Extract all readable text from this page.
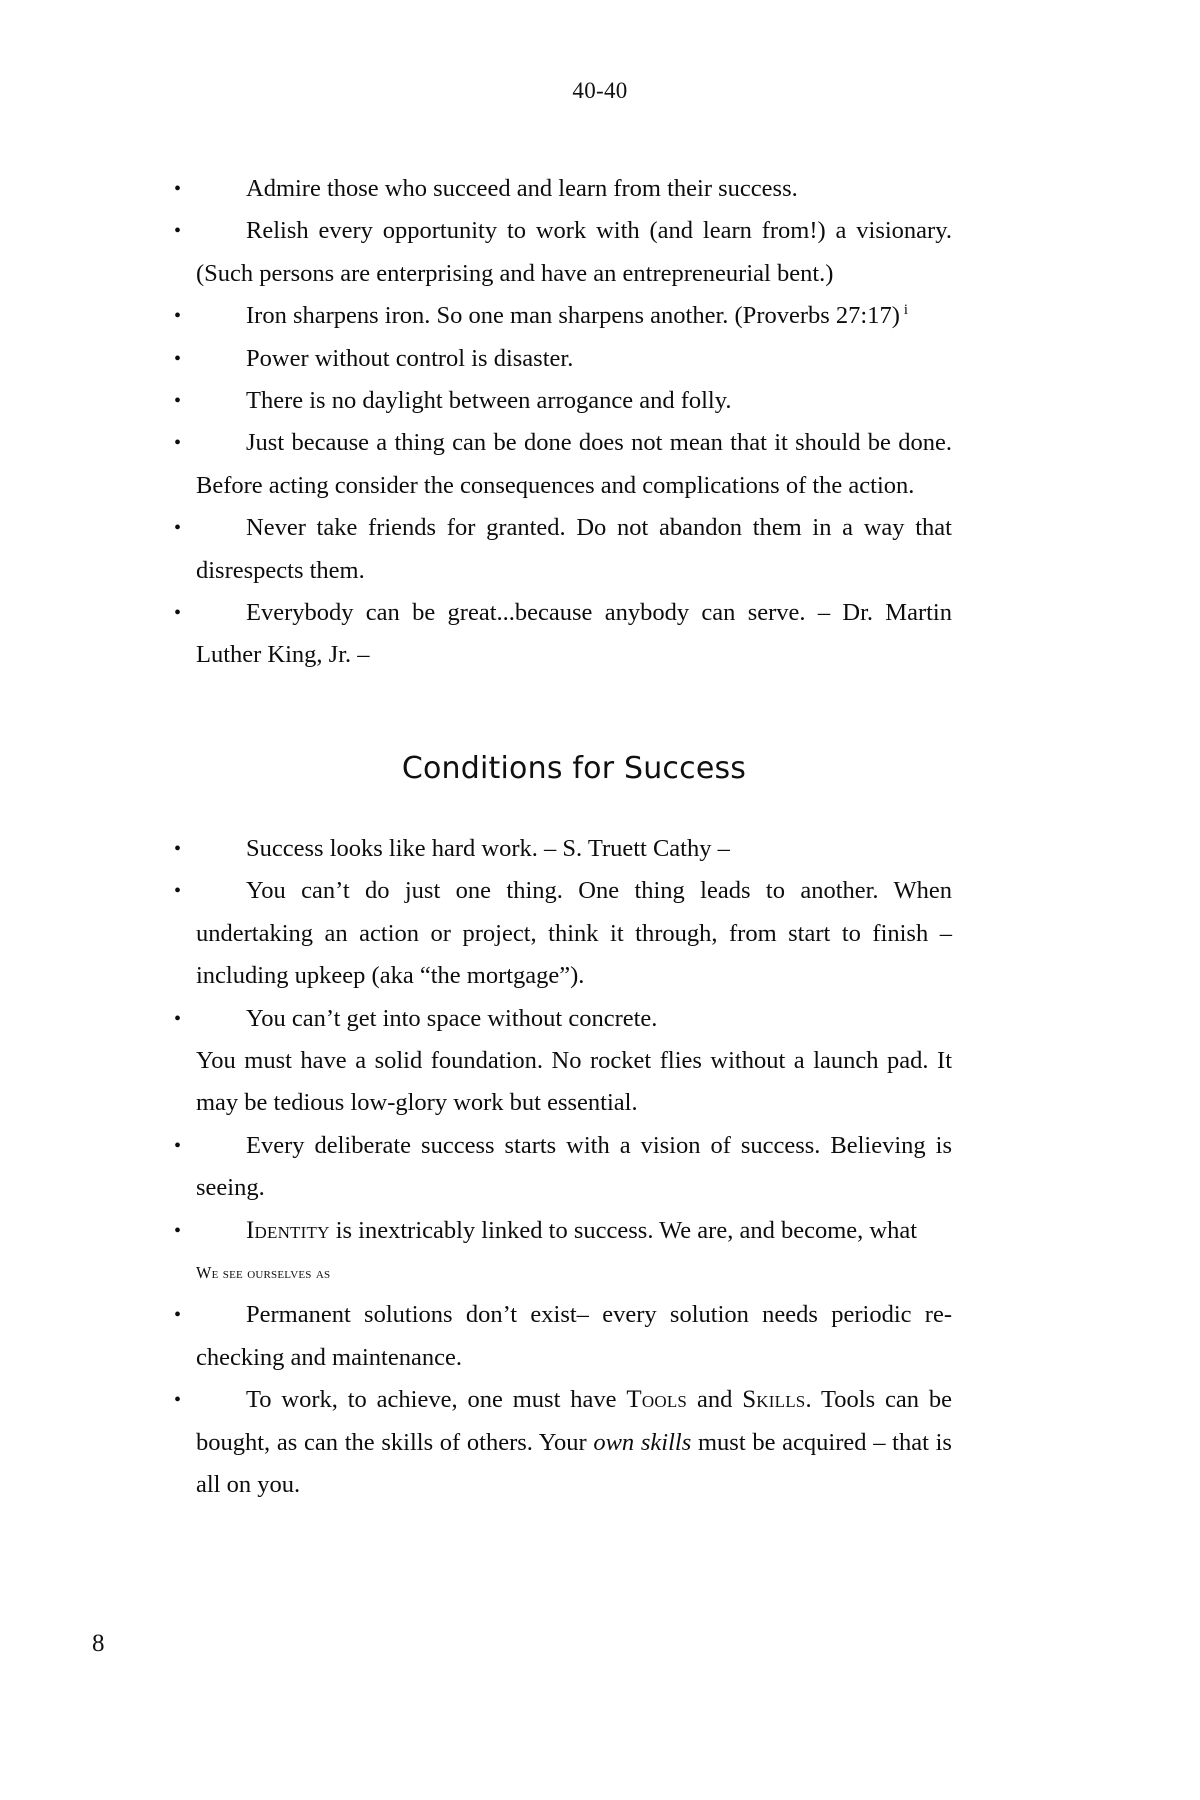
40-40
•	Admire those who succeed and learn from their success.
•	Relish every opportunity to work with (and learn from!) a visionary. (Such persons are enterprising and have an entrepreneurial bent.)
•	Iron sharpens iron. So one man sharpens another. (Proverbs 27:17) $^i$
•	Power without control is disaster.
•	There is no daylight between arrogance and folly.
•	Just because a thing can be done does not mean that it should be done. Before acting consider the consequences and complications of the action.
•	Never take friends for granted. Do not abandon them in a way that disrespects them.
•	Everybody can be great...because anybody can serve. – Dr. Martin Luther King, Jr. –
Conditions for Success
•	Success looks like hard work. – S. Truett Cathy –
•	You can’t do just one thing. One thing leads to another. When undertaking an action or project, think it through, from start to finish – including upkeep (aka “the mortgage”).
•	You can’t get into space without concrete.
You must have a solid foundation. No rocket flies without a launch pad. It may be tedious low-glory work but essential.
•	Every deliberate success starts with a vision of success. Believing is seeing.
•	Identity is inextricably linked to success. We are, and become, what
We see ourselves as
•	Permanent solutions don’t exist– every solution needs periodic re-checking and maintenance.
•	To work, to achieve, one must have Tools and Skills. Tools can be bought, as can the skills of others. Your own skills must be acquired – that is all on you.
8
